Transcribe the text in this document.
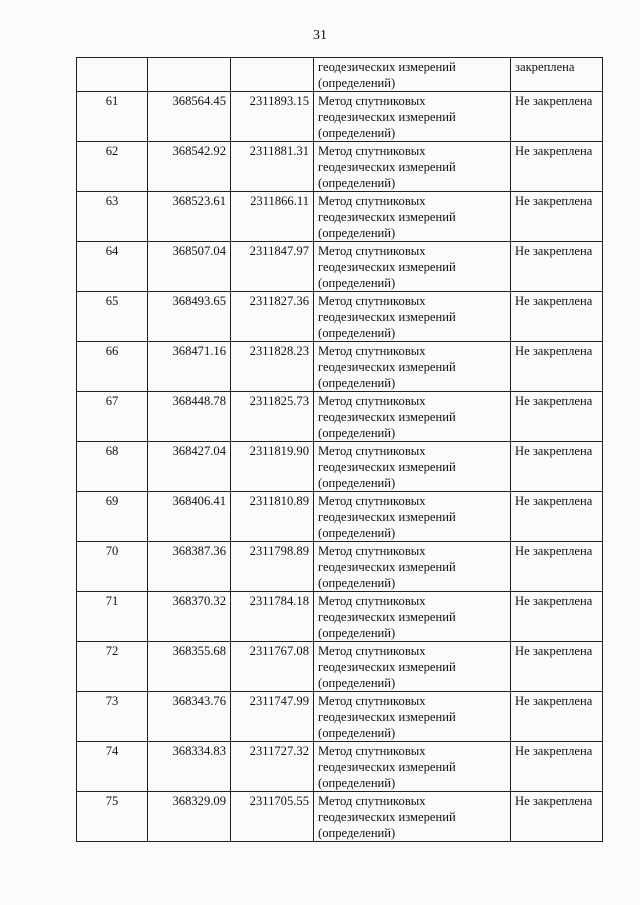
31
			геодезических измерений (определений)	закреплена
61	368564.45	2311893.15	Метод спутниковых геодезических измерений (определений)	Не закреплена
62	368542.92	2311881.31	Метод спутниковых геодезических измерений (определений)	Не закреплена
63	368523.61	2311866.11	Метод спутниковых геодезических измерений (определений)	Не закреплена
64	368507.04	2311847.97	Метод спутниковых геодезических измерений (определений)	Не закреплена
65	368493.65	2311827.36	Метод спутниковых геодезических измерений (определений)	Не закреплена
66	368471.16	2311828.23	Метод спутниковых геодезических измерений (определений)	Не закреплена
67	368448.78	2311825.73	Метод спутниковых геодезических измерений (определений)	Не закреплена
68	368427.04	2311819.90	Метод спутниковых геодезических измерений (определений)	Не закреплена
69	368406.41	2311810.89	Метод спутниковых геодезических измерений (определений)	Не закреплена
70	368387.36	2311798.89	Метод спутниковых геодезических измерений (определений)	Не закреплена
71	368370.32	2311784.18	Метод спутниковых геодезических измерений (определений)	Не закреплена
72	368355.68	2311767.08	Метод спутниковых геодезических измерений (определений)	Не закреплена
73	368343.76	2311747.99	Метод спутниковых геодезических измерений (определений)	Не закреплена
74	368334.83	2311727.32	Метод спутниковых геодезических измерений (определений)	Не закреплена
75	368329.09	2311705.55	Метод спутниковых геодезических измерений (определений)	Не закреплена
